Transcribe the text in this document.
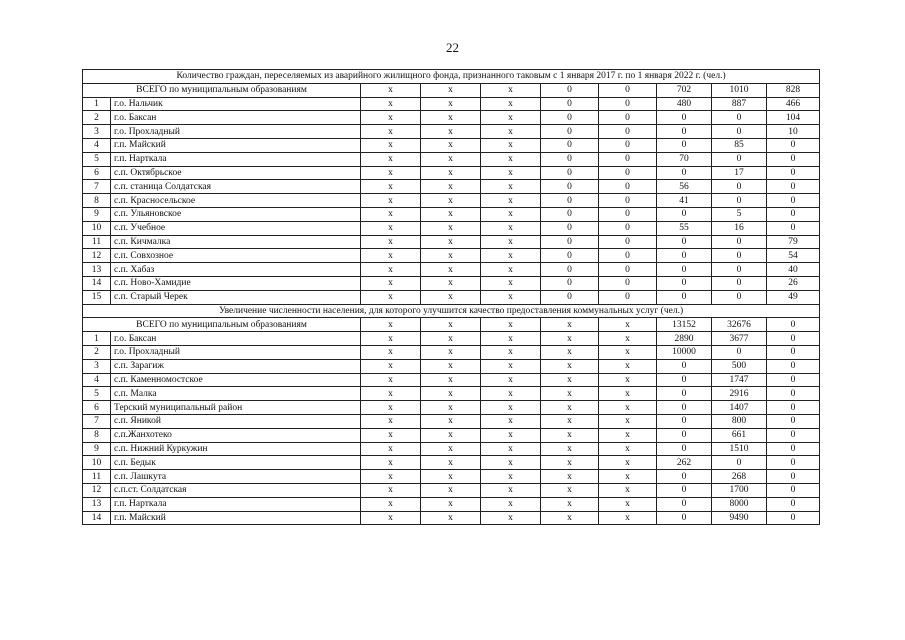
22
Количество граждан, переселяемых из аварийного жилищного фонда, признанного таковым с 1 января 2017 г. по 1 января 2022 г. (чел.)									
ВСЕГО по муниципальным образованиям		х	х	х	0	0	702	1010	828
1	г.о. Нальчик	х	х	х	0	0	480	887	466
2	г.о. Баксан	х	х	х	0	0	0	0	104
3	г.о. Прохладный	х	х	х	0	0	0	0	10
4	г.п. Майский	х	х	х	0	0	0	85	0
5	г.п. Нарткала	х	х	х	0	0	70	0	0
6	с.п. Октябрьское	х	х	х	0	0	0	17	0
7	с.п. станица Солдатская	х	х	х	0	0	56	0	0
8	с.п. Красносельское	х	х	х	0	0	41	0	0
9	с.п. Ульяновское	х	х	х	0	0	0	5	0
10	с.п. Учебное	х	х	х	0	0	55	16	0
11	с.п. Кичмалка	х	х	х	0	0	0	0	79
12	с.п. Совхозное	х	х	х	0	0	0	0	54
13	с.п. Хабаз	х	х	х	0	0	0	0	40
14	с.п. Ново-Хамидие	х	х	х	0	0	0	0	26
15	с.п. Старый Черек	х	х	х	0	0	0	0	49
Увеличение численности населения, для которого улучшится качество предоставления коммунальных услуг (чел.)									
ВСЕГО по муниципальным образованиям		х	х	х	х	х	13152	32676	0
1	г.о. Баксан	х	х	х	х	х	2890	3677	0
2	г.о. Прохладный	х	х	х	х	х	10000	0	0
3	с.п. Зарагиж	х	х	х	х	х	0	500	0
4	с.п. Каменномостское	х	х	х	х	х	0	1747	0
5	с.п. Малка	х	х	х	х	х	0	2916	0
6	Терский муниципальный район	х	х	х	х	х	0	1407	0
7	с.п. Яникой	х	х	х	х	х	0	800	0
8	с.п.Жанхотеко	х	х	х	х	х	0	661	0
9	с.п. Нижний Куркужин	х	х	х	х	х	0	1510	0
10	с.п. Бедык	х	х	х	х	х	262	0	0
11	с.п. Лашкута	х	х	х	х	х	0	268	0
12	с.п.ст. Солдатская	х	х	х	х	х	0	1700	0
13	г.п. Нарткала	х	х	х	х	х	0	8000	0
14	г.п. Майский	х	х	х	х	х	0	9490	0
